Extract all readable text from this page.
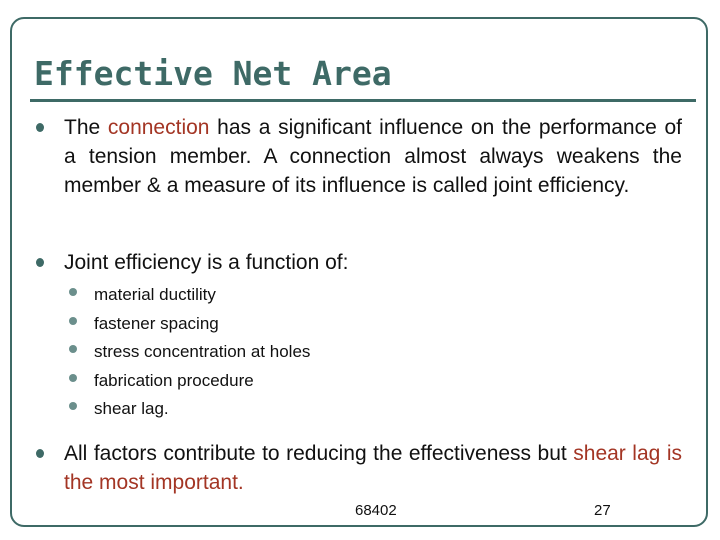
Effective Net Area
The connection has a significant influence on the performance of a tension member. A connection almost always weakens the member & a measure of its influence is called joint efficiency.
Joint efficiency is a function of:
material ductility
fastener spacing
stress concentration at holes
fabrication procedure
shear lag.
All factors contribute to reducing the effectiveness but shear lag is the most important.
68402	27
